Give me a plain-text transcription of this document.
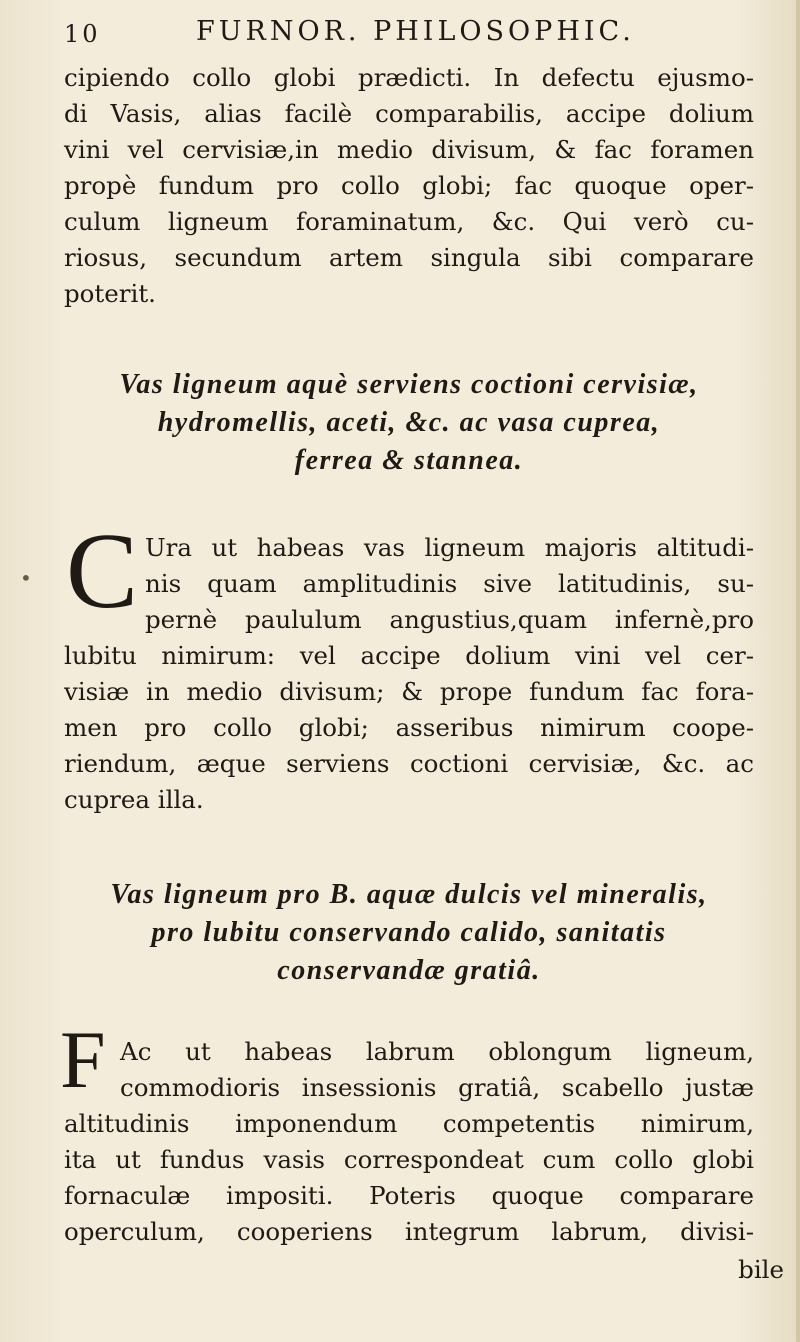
10	FURNOR. PHILOSOPHIC.
cipiendo collo globi prædicti. In defectu ejusmo-
di Vasis, alias facilè comparabilis, accipe dolium
vini vel cervisiæ,in medio divisum, & fac foramen
propè fundum pro collo globi; fac quoque oper-
culum ligneum foraminatum, &c. Qui verò cu-
riosus, secundum artem singula sibi comparare
poterit.
Vas ligneum aquè serviens coctioni cervisiæ,
hydromellis, aceti, &c. ac vasa cuprea,
ferrea & stannea.
C Ura ut habeas vas ligneum majoris altitudi-
nis quam amplitudinis sive latitudinis, su-
pernè paululum angustius,quam infernè,pro
lubitu nimirum: vel accipe dolium vini vel cer-
visiæ in medio divisum; & prope fundum fac fora-
men pro collo globi; asseribus nimirum coope-
riendum, æque serviens coctioni cervisiæ, &c. ac
cuprea illa.
Vas ligneum pro B. aquæ dulcis vel mineralis,
pro lubitu conservando calido, sanitatis
conservandæ gratiâ.
F Ac ut habeas labrum oblongum ligneum,
commodioris insessionis gratiâ, scabello justæ
altitudinis imponendum competentis nimirum,
ita ut fundus vasis correspondeat cum collo globi
fornaculæ impositi. Poteris quoque comparare
operculum, cooperiens integrum labrum, divisi-
bile
•
